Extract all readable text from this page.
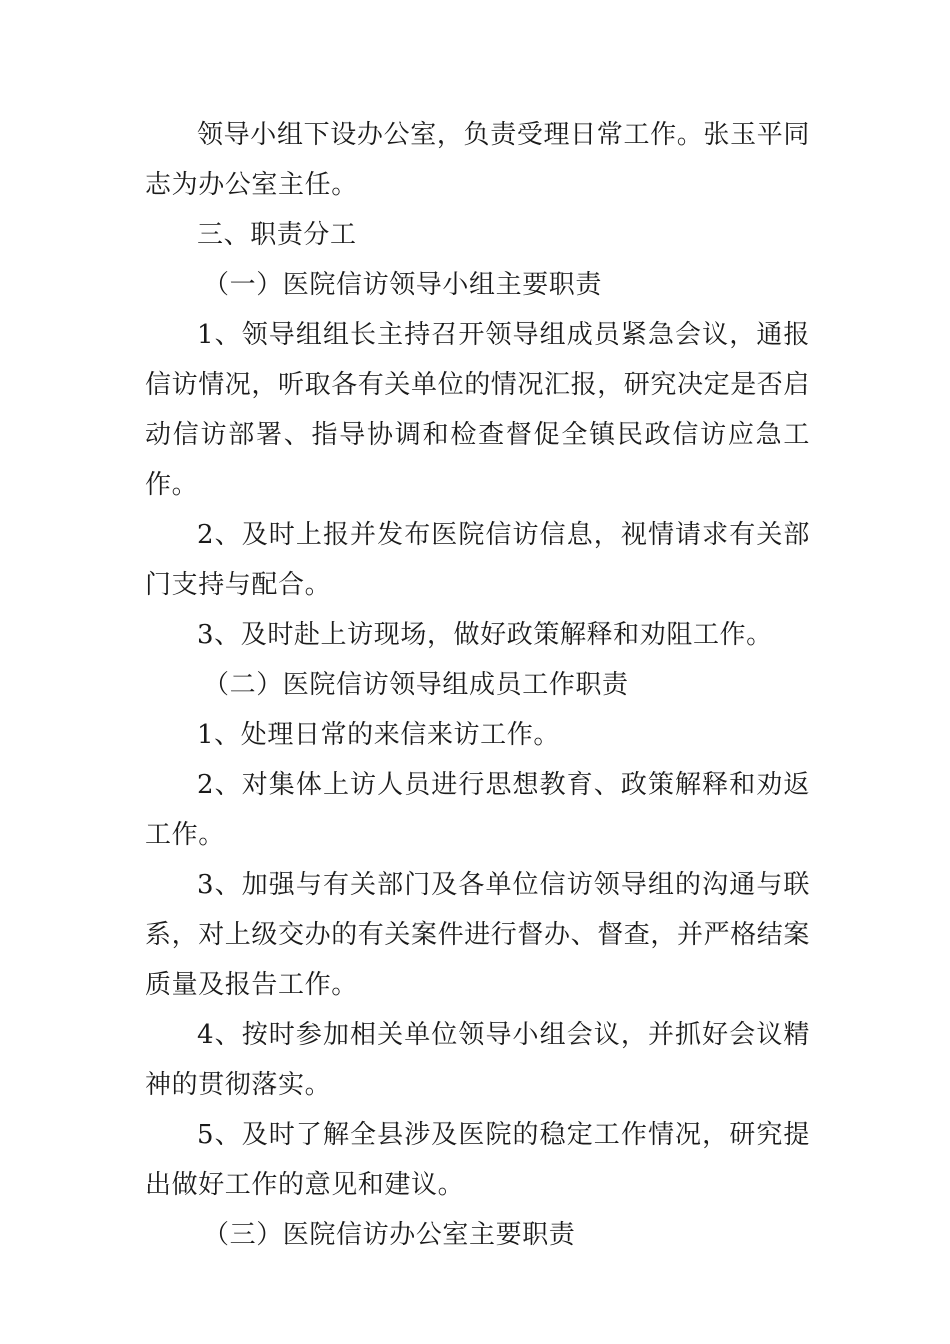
领导小组下设办公室，负责受理日常工作。张玉平同志为办公室主任。

三、职责分工

（一）医院信访领导小组主要职责

1、领导组组长主持召开领导组成员紧急会议，通报信访情况，听取各有关单位的情况汇报，研究决定是否启动信访部署、指导协调和检查督促全镇民政信访应急工作。

2、及时上报并发布医院信访信息，视情请求有关部门支持与配合。

3、及时赴上访现场，做好政策解释和劝阻工作。

（二）医院信访领导组成员工作职责

1、处理日常的来信来访工作。

2、对集体上访人员进行思想教育、政策解释和劝返工作。

3、加强与有关部门及各单位信访领导组的沟通与联系，对上级交办的有关案件进行督办、督查，并严格结案质量及报告工作。

4、按时参加相关单位领导小组会议，并抓好会议精神的贯彻落实。

5、及时了解全县涉及医院的稳定工作情况，研究提出做好工作的意见和建议。

（三）医院信访办公室主要职责
